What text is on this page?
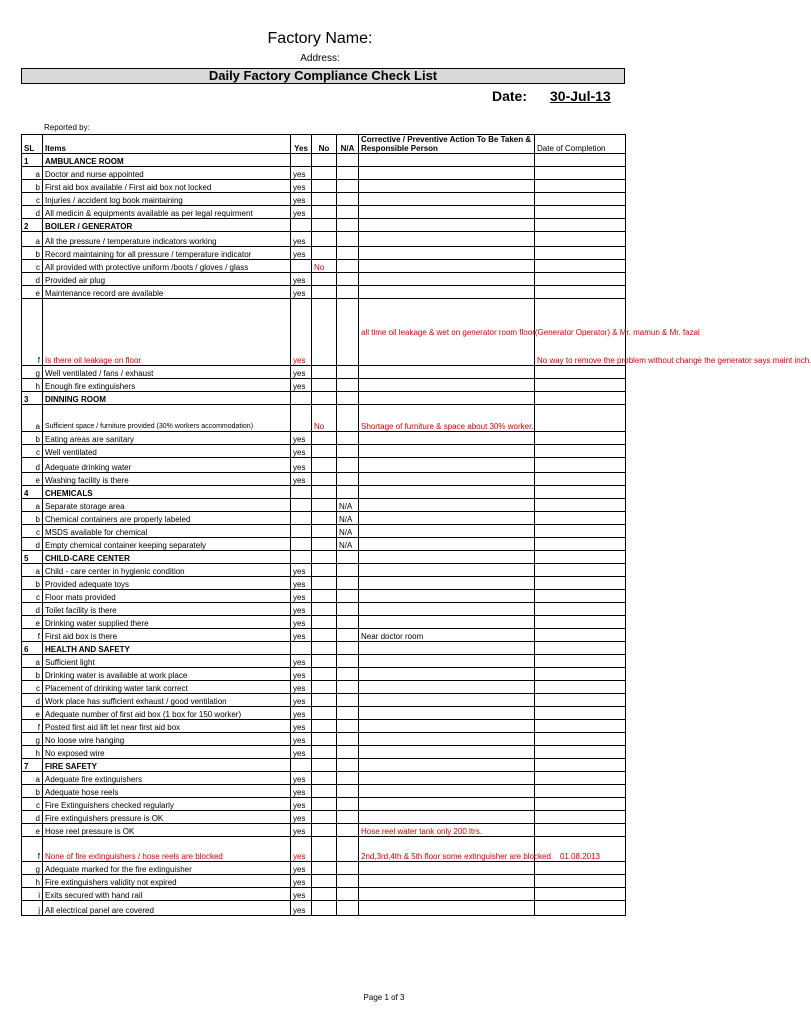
Factory Name:
Address:
Daily Factory Compliance Check List
Date: 30-Jul-13
Reported by:
SL	Items	Yes	No	N/A	Corrective / Preventive Action To Be Taken & Responsible Person	Date of Completion
1	AMBULANCE ROOM					
a	Doctor and nurse appointed	yes				
b	First aid box available / First aid box not locked	yes				
c	Injuries / accident log book maintaining	yes				
d	All medicin & equipments available as per legal requirment	yes				
2	BOILER / GENERATOR					
a	All the pressure / temperature indicators working	yes				
b	Record maintaining for all pressure / temperature indicator	yes				
c	All provided with protective uniform /boots / gloves / glass		No			
d	Provided air plug	yes				
e	Maintenance record are available	yes				
f	Is there oil leakage on floor	yes			all time oil leakage & wet on generator room floor(Generator Operator) & Mr. mamun & Mr. fazal	No way to remove the problem without change the generator says maint inch.
g	Well ventilated / fans / exhaust	yes				
h	Enough fire extinguishers	yes				
3	DINNING ROOM					
a	Sufficient space / furniture provided (30% workers accommodation)		No		Shortage of furniture & space about 30% worker.	
b	Eating areas are sanitary	yes				
c	Well ventilated	yes				
d	Adequate drinking water	yes				
e	Washing facility is there	yes				
4	CHEMICALS					
a	Separate storage area			N/A		
b	Chemical containers are properly labeled			N/A		
c	MSDS available for chemical			N/A		
d	Empty chemical container keeping separately			N/A		
5	CHILD-CARE CENTER					
a	Child - care center in hygienic condition	yes				
b	Provided adequate toys	yes				
c	Floor mats provided	yes				
d	Toilet facility is there	yes				
e	Drinking water supplied there	yes				
f	First aid box is there	yes			Near doctor room	
6	HEALTH AND SAFETY					
a	Sufficient light	yes				
b	Drinking water is available at work place	yes				
c	Placement of drinking water tank correct	yes				
d	Work place has sufficient exhaust / good ventilation	yes				
e	Adequate number of first aid box (1 box for 150 worker)	yes				
f	Posted first aid lift let near first aid box	yes				
g	No loose wire hanging	yes				
h	No exposed wire	yes				
7	FIRE SAFETY					
a	Adequate fire extinguishers	yes				
b	Adequate hose reels	yes				
c	Fire Extinguishers checked regularly	yes				
d	Fire extinguishers pressure is OK	yes				
e	Hose reel pressure is OK	yes			Hose reel water tank only 200 ltrs.	
f	None of fire extinguishers / hose reels are blocked	yes			2nd,3rd,4th & 5th floor some extinguisher are blocked.	01.08.2013
g	Adequate marked for the fire extinguisher	yes				
h	Fire extinguishers validity not expired	yes				
i	Exits secured with hand rail	yes				
j	All electrical panel are covered	yes				
Page 1 of 3
